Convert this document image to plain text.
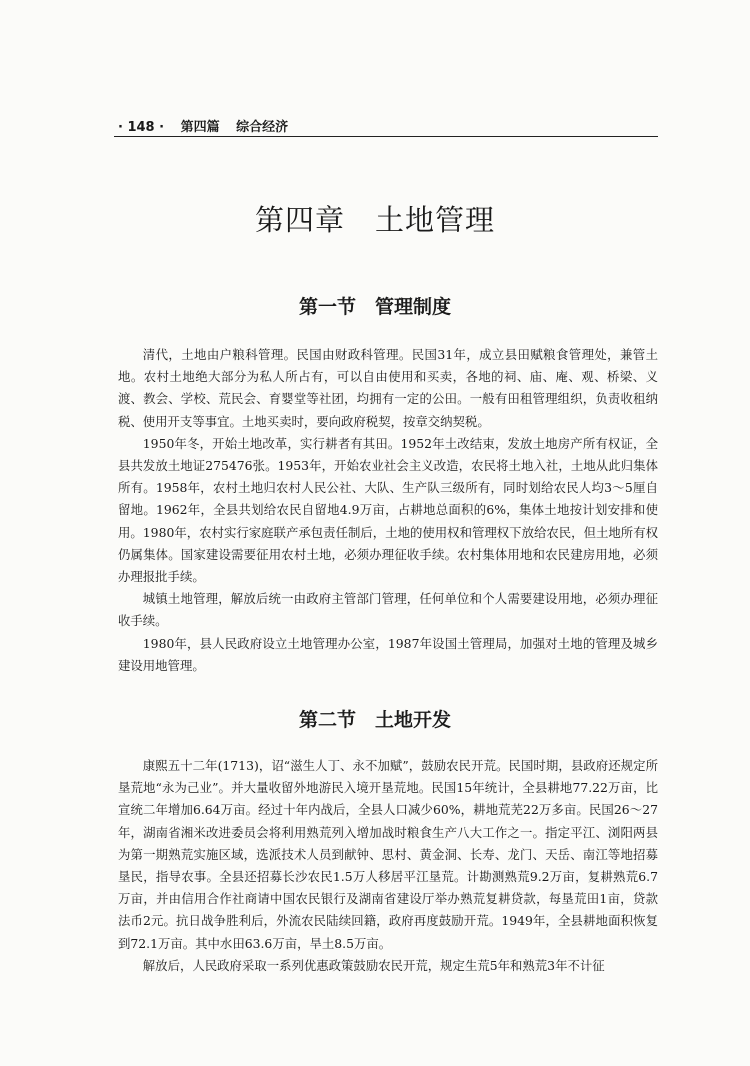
· 148 · 第四篇 综合经济
第四章　土地管理
第一节　管理制度

清代，土地由户粮科管理。民国由财政科管理。民国31年，成立县田赋粮食管理处，兼管土地。农村土地绝大部分为私人所占有，可以自由使用和买卖，各地的祠、庙、庵、观、桥梁、义渡、教会、学校、荒民会、育婴堂等社团，均拥有一定的公田。一般有田租管理组织，负责收租纳税、使用开支等事宜。土地买卖时，要向政府税契，按章交纳契税。

1950年冬，开始土地改革，实行耕者有其田。1952年土改结束，发放土地房产所有权证，全县共发放土地证275476张。1953年，开始农业社会主义改造，农民将土地入社，土地从此归集体所有。1958年，农村土地归农村人民公社、大队、生产队三级所有，同时划给农民人均3～5厘自留地。1962年，全县共划给农民自留地4.9万亩，占耕地总面积的6%，集体土地按计划安排和使用。1980年，农村实行家庭联产承包责任制后，土地的使用权和管理权下放给农民，但土地所有权仍属集体。国家建设需要征用农村土地，必须办理征收手续。农村集体用地和农民建房用地，必须办理报批手续。

城镇土地管理，解放后统一由政府主管部门管理，任何单位和个人需要建设用地，必须办理征收手续。

1980年，县人民政府设立土地管理办公室，1987年设国土管理局，加强对土地的管理及城乡建设用地管理。

第二节　土地开发

康熙五十二年(1713)，诏“滋生人丁、永不加赋”，鼓励农民开荒。民国时期，县政府还规定所垦荒地“永为己业”。并大量收留外地游民入境开垦荒地。民国15年统计，全县耕地77.22万亩，比宣统二年增加6.64万亩。经过十年内战后，全县人口减少60%，耕地荒芜22万多亩。民国26～27年，湖南省湘米改进委员会将利用熟荒列入增加战时粮食生产八大工作之一。指定平江、浏阳两县为第一期熟荒实施区域，选派技术人员到献钟、思村、黄金洞、长寿、龙门、天岳、南江等地招募垦民，指导农事。全县还招募长沙农民1.5万人移居平江垦荒。计勘测熟荒9.2万亩，复耕熟荒6.7万亩，并由信用合作社商请中国农民银行及湖南省建设厅举办熟荒复耕贷款，每垦荒田1亩，贷款法币2元。抗日战争胜利后，外流农民陆续回籍，政府再度鼓励开荒。1949年，全县耕地面积恢复到72.1万亩。其中水田63.6万亩，旱土8.5万亩。

解放后，人民政府采取一系列优惠政策鼓励农民开荒，规定生荒5年和熟荒3年不计征
